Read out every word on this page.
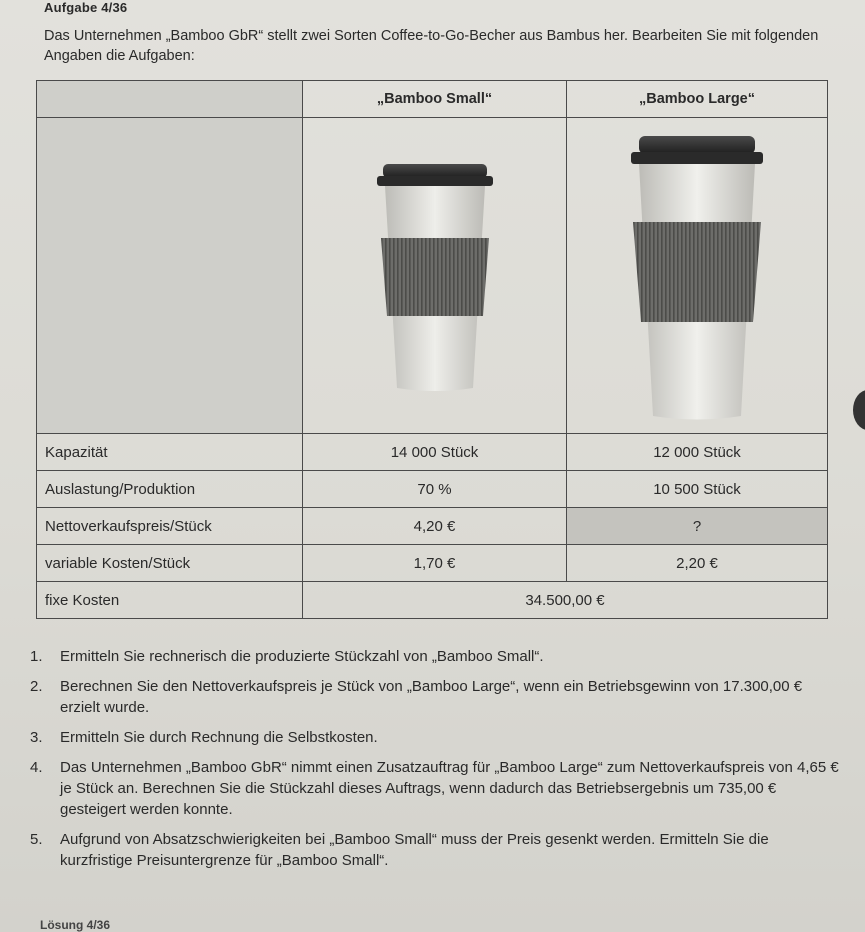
Aufgabe 4/36
Das Unternehmen „Bamboo GbR“ stellt zwei Sorten Coffee-to-Go-Becher aus Bambus her. Bearbeiten Sie mit folgenden Angaben die Aufgaben:
	„Bamboo Small“	„Bamboo Large“

Kapazität	14 000 Stück	12 000 Stück
Auslastung/Produktion	70 %	10 500 Stück
Nettoverkaufspreis/Stück	4,20 €	?
variable Kosten/Stück	1,70 €	2,20 €
fixe Kosten	34.500,00 €	
1. Ermitteln Sie rechnerisch die produzierte Stückzahl von „Bamboo Small“.
2. Berechnen Sie den Nettoverkaufspreis je Stück von „Bamboo Large“, wenn ein Betriebsgewinn von 17.300,00 € erzielt wurde.
3. Ermitteln Sie durch Rechnung die Selbstkosten.
4. Das Unternehmen „Bamboo GbR“ nimmt einen Zusatzauftrag für „Bamboo Large“ zum Nettoverkaufspreis von 4,65 € je Stück an. Berechnen Sie die Stückzahl dieses Auftrags, wenn dadurch das Betriebsergebnis um 735,00 € gesteigert werden konnte.
5. Aufgrund von Absatzschwierigkeiten bei „Bamboo Small“ muss der Preis gesenkt werden. Ermitteln Sie die kurzfristige Preisuntergrenze für „Bamboo Small“.
Lösung 4/36
